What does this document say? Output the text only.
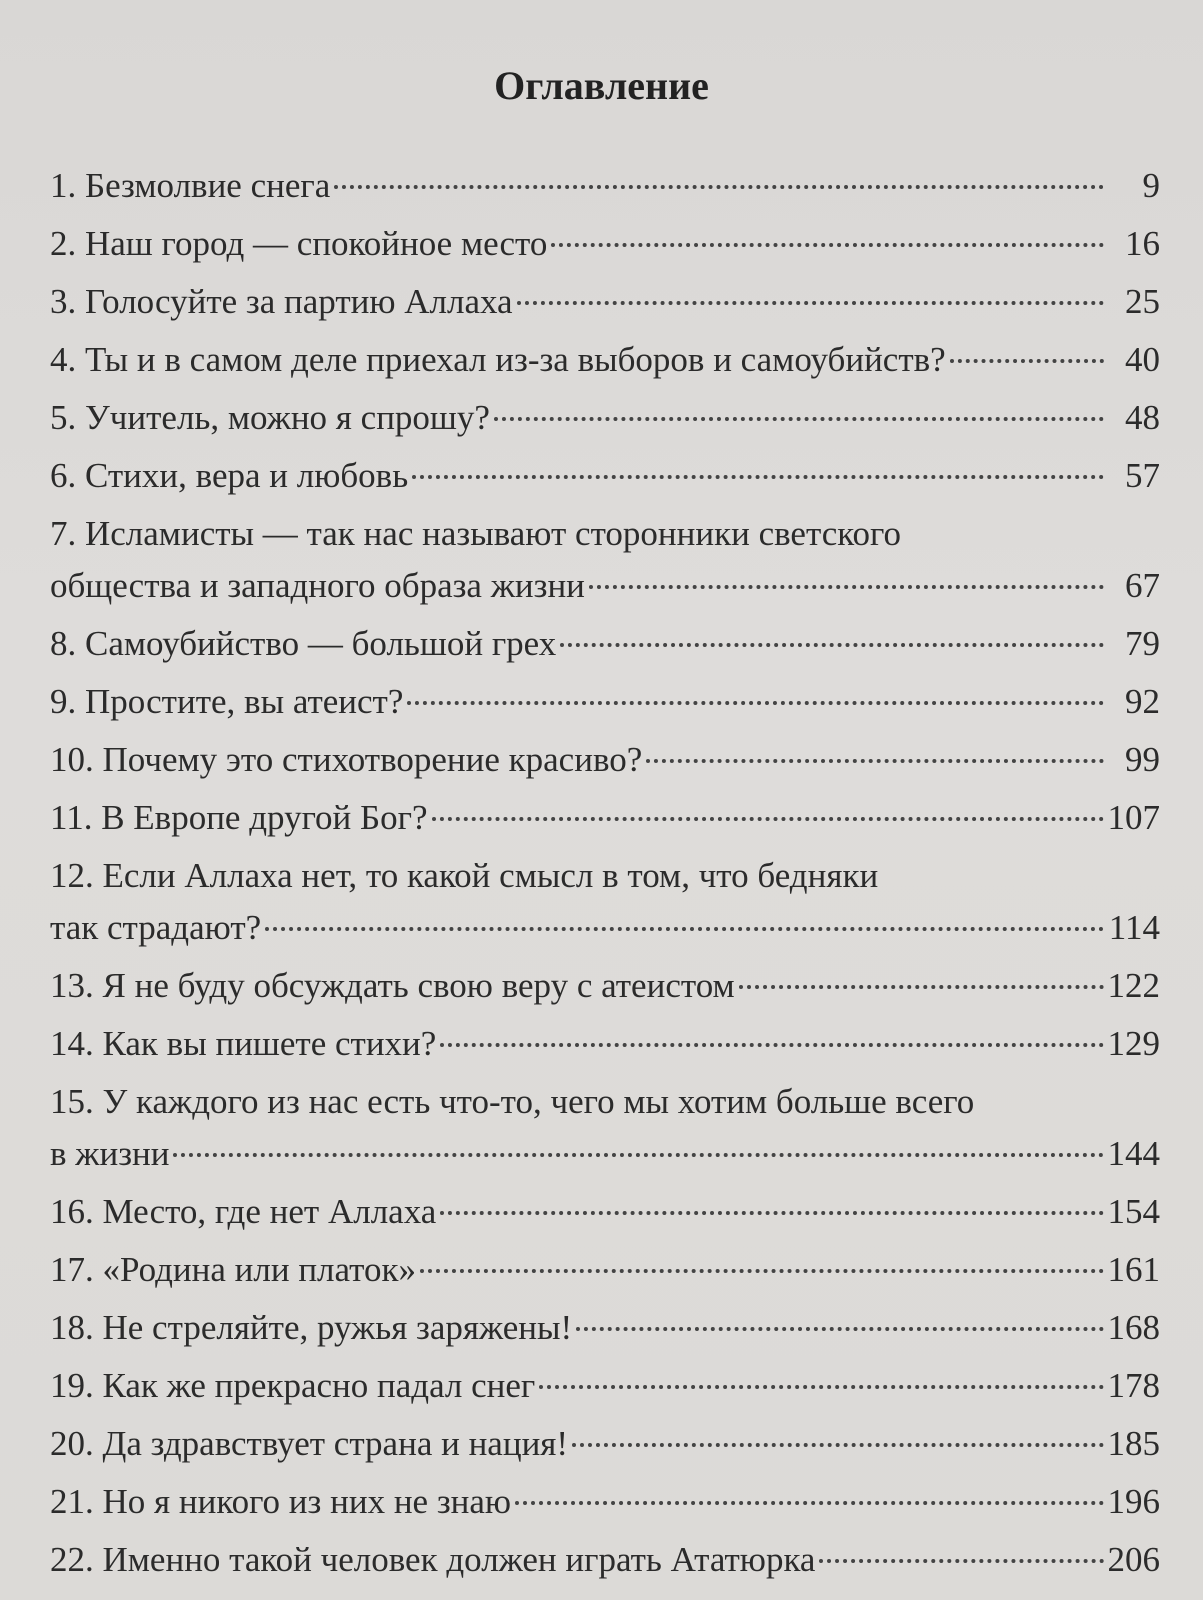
Оглавление
1. Безмолвие снега	9
2. Наш город — спокойное место	16
3. Голосуйте за партию Аллаха	25
4. Ты и в самом деле приехал из-за выборов и самоубийств?	40
5. Учитель, можно я спрошу?	48
6. Стихи, вера и любовь	57
7. Исламисты — так нас называют сторонники светского
общества и западного образа жизни	67
8. Самоубийство — большой грех	79
9. Простите, вы атеист?	92
10. Почему это стихотворение красиво?	99
11. В Европе другой Бог?	107
12. Если Аллаха нет, то какой смысл в том, что бедняки
так страдают?	114
13. Я не буду обсуждать свою веру с атеистом	122
14. Как вы пишете стихи?	129
15. У каждого из нас есть что-то, чего мы хотим больше всего
в жизни	144
16. Место, где нет Аллаха	154
17. «Родина или платок»	161
18. Не стреляйте, ружья заряжены!	168
19. Как же прекрасно падал снег	178
20. Да здравствует страна и нация!	185
21. Но я никого из них не знаю	196
22. Именно такой человек должен играть Ататюрка	206
